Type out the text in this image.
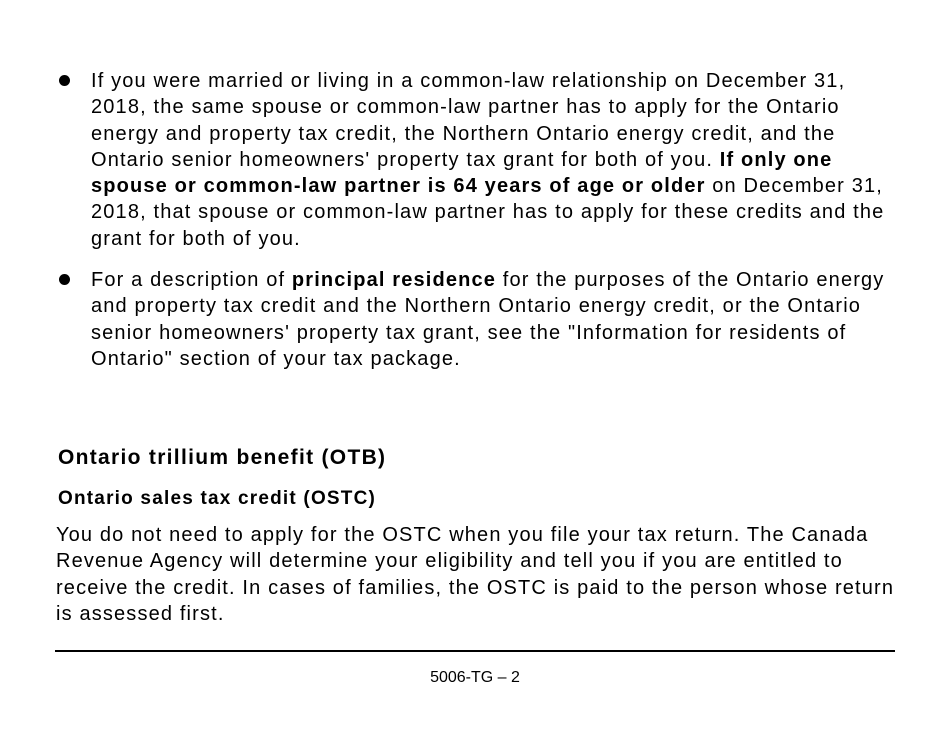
If you were married or living in a common-law relationship on December 31, 2018, the same spouse or common-law partner has to apply for the Ontario energy and property tax credit, the Northern Ontario energy credit, and the Ontario senior homeowners' property tax grant for both of you. If only one spouse or common-law partner is 64 years of age or older on December 31, 2018, that spouse or common-law partner has to apply for these credits and the grant for both of you.
For a description of principal residence for the purposes of the Ontario energy and property tax credit and the Northern Ontario energy credit, or the Ontario senior homeowners' property tax grant, see the "Information for residents of Ontario" section of your tax package.
Ontario trillium benefit (OTB)
Ontario sales tax credit (OSTC)

You do not need to apply for the OSTC when you file your tax return. The Canada Revenue Agency will determine your eligibility and tell you if you are entitled to receive the credit. In cases of families, the OSTC is paid to the person whose return is assessed first.

5006-TG – 2
